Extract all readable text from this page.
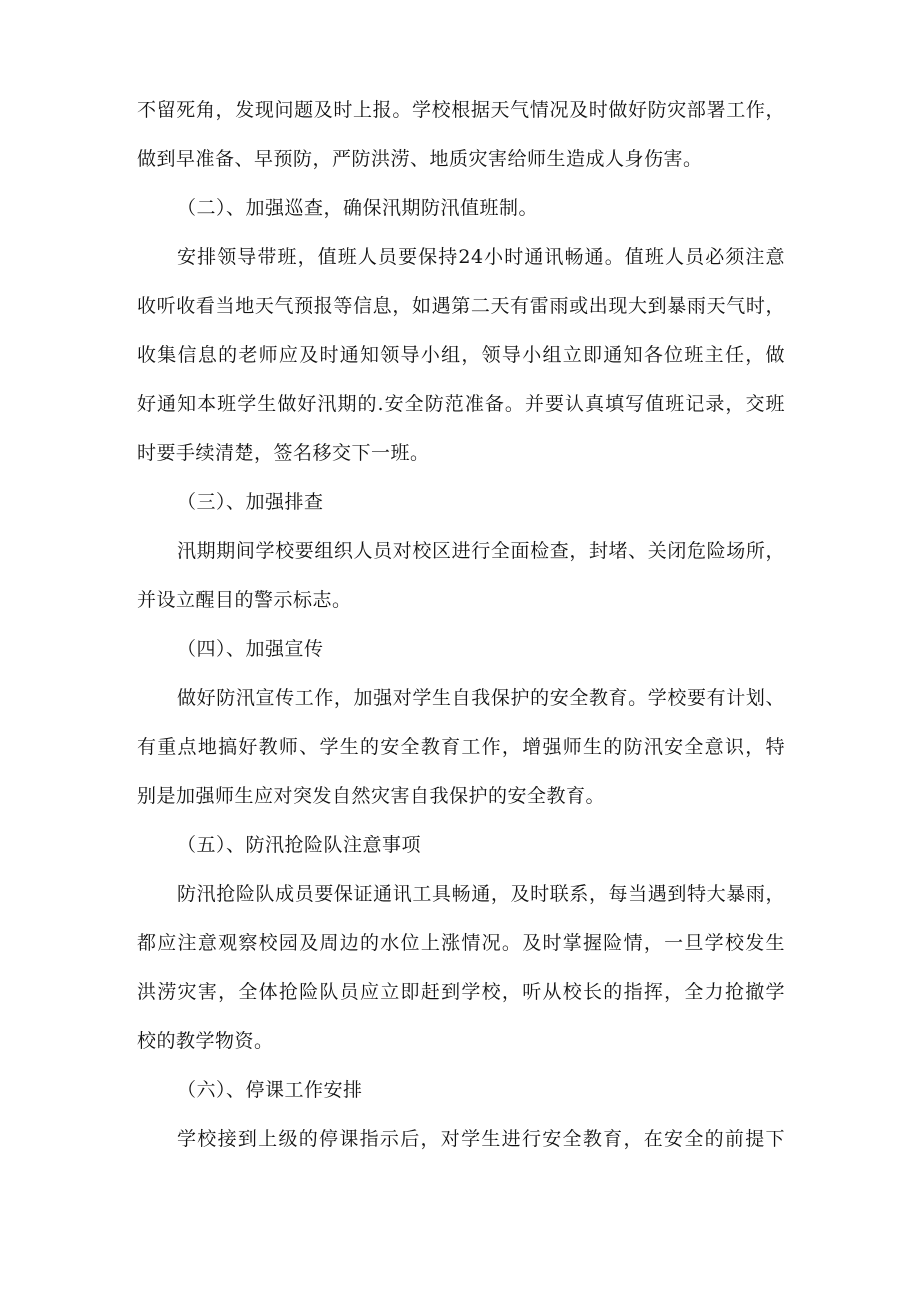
不留死角，发现问题及时上报。学校根据天气情况及时做好防灾部署工作，
做到早准备、早预防，严防洪涝、地质灾害给师生造成人身伤害。
（二）、加强巡查，确保汛期防汛值班制。
安排领导带班，值班人员要保持24小时通讯畅通。值班人员必须注意
收听收看当地天气预报等信息，如遇第二天有雷雨或出现大到暴雨天气时，
收集信息的老师应及时通知领导小组，领导小组立即通知各位班主任，做
好通知本班学生做好汛期的.安全防范准备。并要认真填写值班记录，交班
时要手续清楚，签名移交下一班。
（三）、加强排查
汛期期间学校要组织人员对校区进行全面检查，封堵、关闭危险场所，
并设立醒目的警示标志。
（四）、加强宣传
做好防汛宣传工作，加强对学生自我保护的安全教育。学校要有计划、
有重点地搞好教师、学生的安全教育工作，增强师生的防汛安全意识，特
别是加强师生应对突发自然灾害自我保护的安全教育。
（五）、防汛抢险队注意事项
防汛抢险队成员要保证通讯工具畅通，及时联系，每当遇到特大暴雨，
都应注意观察校园及周边的水位上涨情况。及时掌握险情，一旦学校发生
洪涝灾害，全体抢险队员应立即赶到学校，听从校长的指挥，全力抢撤学
校的教学物资。
（六）、停课工作安排
学校接到上级的停课指示后，对学生进行安全教育，在安全的前提下
